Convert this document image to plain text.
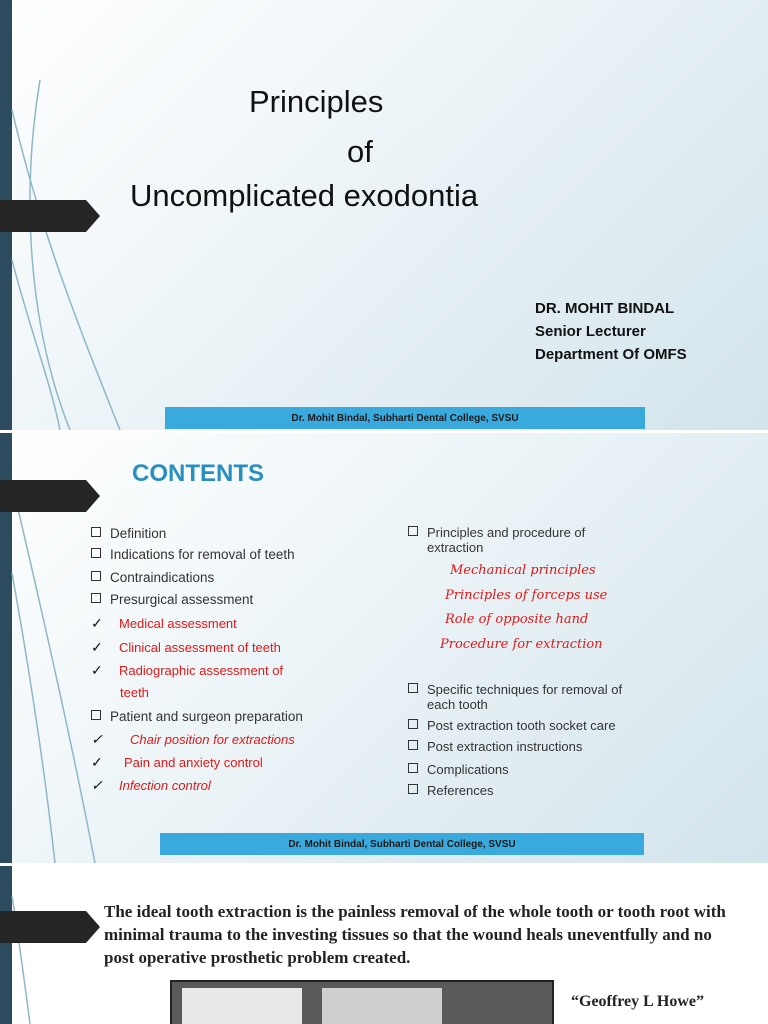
Principles
of
Uncomplicated exodontia
DR. MOHIT BINDAL
Senior Lecturer
Department Of OMFS
Dr. Mohit Bindal, Subharti Dental College, SVSU
CONTENTS
Definition
Indications for removal of teeth
Contraindications
Presurgical assessment
✓ Medical assessment
✓ Clinical assessment of teeth
✓ Radiographic assessment of
teeth
Patient and surgeon preparation
✓ Chair position for extractions
✓ Pain and anxiety control
✓ Infection control
Principles and procedure of
extraction
Specific techniques for removal of
each tooth
Post extraction tooth socket care
Post extraction instructions
Complications
References
Mechanical principles
Principles of forceps use
Role of opposite hand
Procedure for extraction
Dr. Mohit Bindal, Subharti Dental College, SVSU
The ideal tooth extraction is the painless removal of the whole tooth or tooth root with minimal trauma to the investing tissues so that the wound heals uneventfully and no post operative prosthetic problem created.
“Geoffrey L Howe”
